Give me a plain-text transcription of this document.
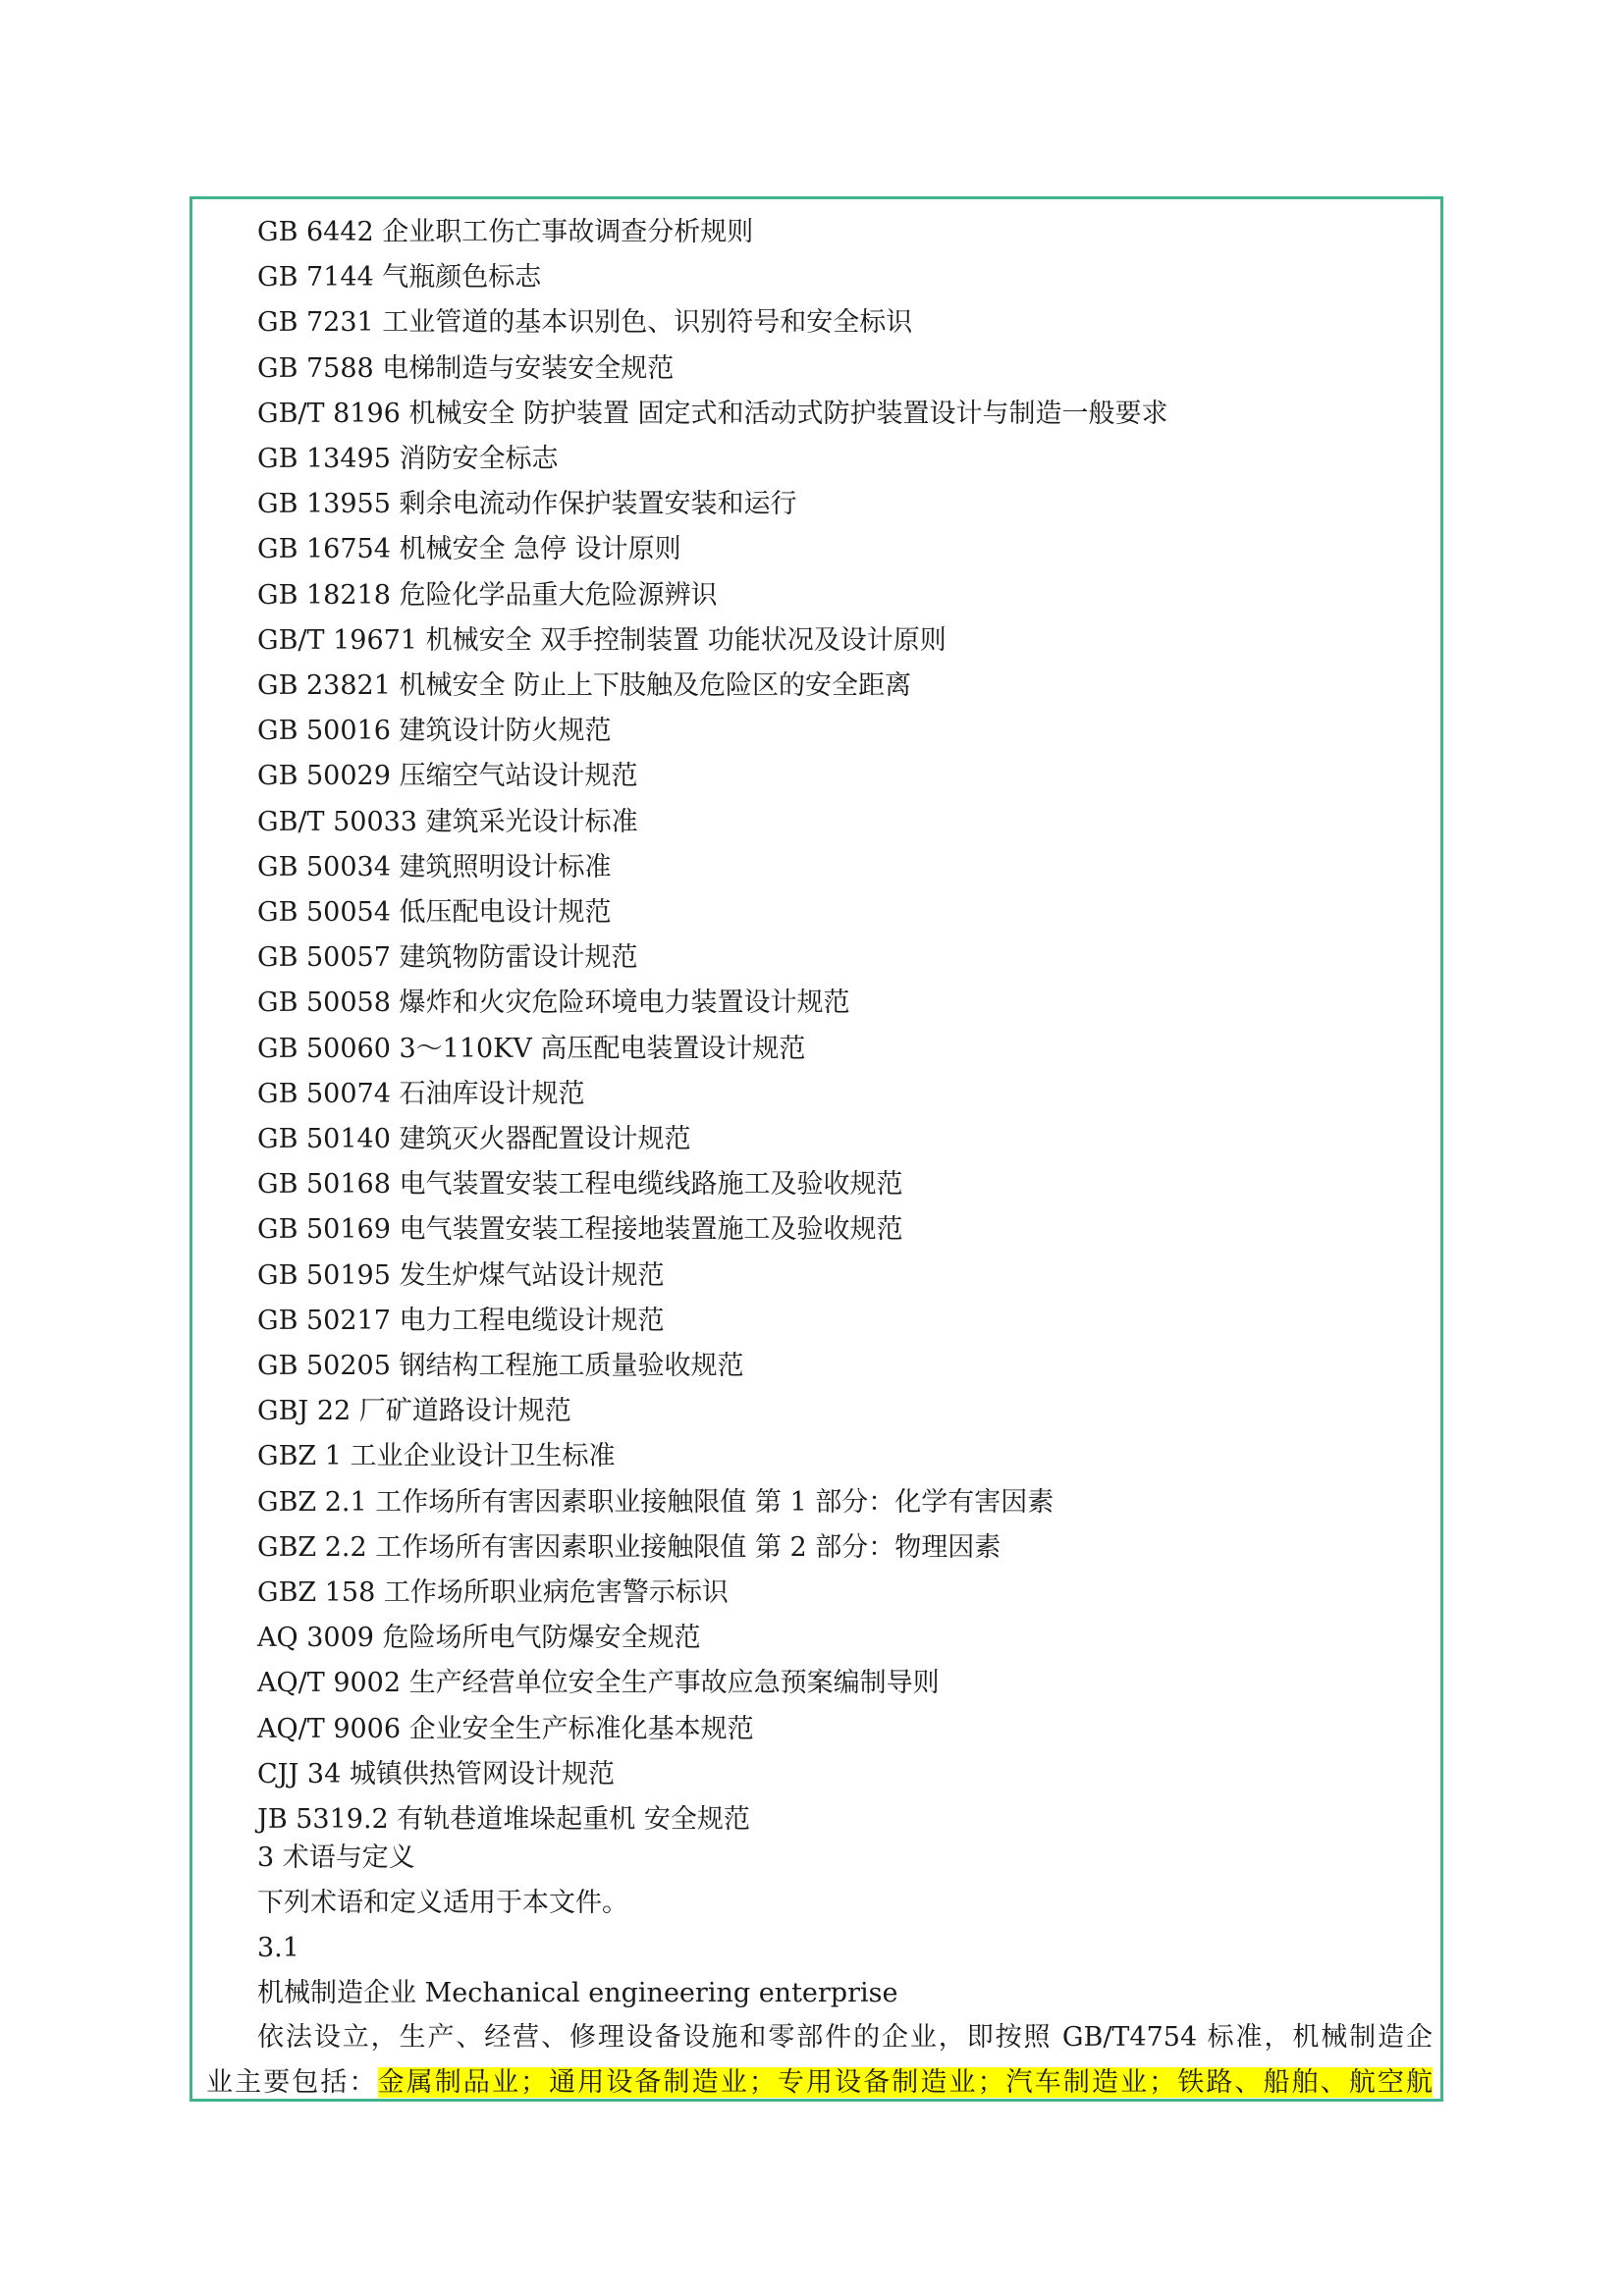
GB 6442 企业职工伤亡事故调查分析规则
GB 7144 气瓶颜色标志
GB 7231 工业管道的基本识别色、识别符号和安全标识
GB 7588 电梯制造与安装安全规范
GB/T 8196 机械安全 防护装置 固定式和活动式防护装置设计与制造一般要求
GB 13495 消防安全标志
GB 13955 剩余电流动作保护装置安装和运行
GB 16754 机械安全 急停 设计原则
GB 18218 危险化学品重大危险源辨识
GB/T 19671 机械安全 双手控制装置 功能状况及设计原则
GB 23821 机械安全 防止上下肢触及危险区的安全距离
GB 50016 建筑设计防火规范
GB 50029 压缩空气站设计规范
GB/T 50033 建筑采光设计标准
GB 50034 建筑照明设计标准
GB 50054 低压配电设计规范
GB 50057 建筑物防雷设计规范
GB 50058 爆炸和火灾危险环境电力装置设计规范
GB 50060 3～110KV 高压配电装置设计规范
GB 50074 石油库设计规范
GB 50140 建筑灭火器配置设计规范
GB 50168 电气装置安装工程电缆线路施工及验收规范
GB 50169 电气装置安装工程接地装置施工及验收规范
GB 50195 发生炉煤气站设计规范
GB 50217 电力工程电缆设计规范
GB 50205 钢结构工程施工质量验收规范
GBJ 22 厂矿道路设计规范
GBZ 1 工业企业设计卫生标准
GBZ 2.1 工作场所有害因素职业接触限值 第 1 部分：化学有害因素
GBZ 2.2 工作场所有害因素职业接触限值 第 2 部分：物理因素
GBZ 158 工作场所职业病危害警示标识
AQ 3009 危险场所电气防爆安全规范
AQ/T 9002 生产经营单位安全生产事故应急预案编制导则
AQ/T 9006 企业安全生产标准化基本规范
CJJ 34 城镇供热管网设计规范
JB 5319.2 有轨巷道堆垛起重机 安全规范
3 术语与定义
下列术语和定义适用于本文件。
3.1
机械制造企业 Mechanical engineering enterprise
依法设立，生产、经营、修理设备设施和零部件的企业，即按照 GB/T4754 标准，机械制造企
业主要包括：金属制品业；通用设备制造业；专用设备制造业；汽车制造业；铁路、船舶、航空航
